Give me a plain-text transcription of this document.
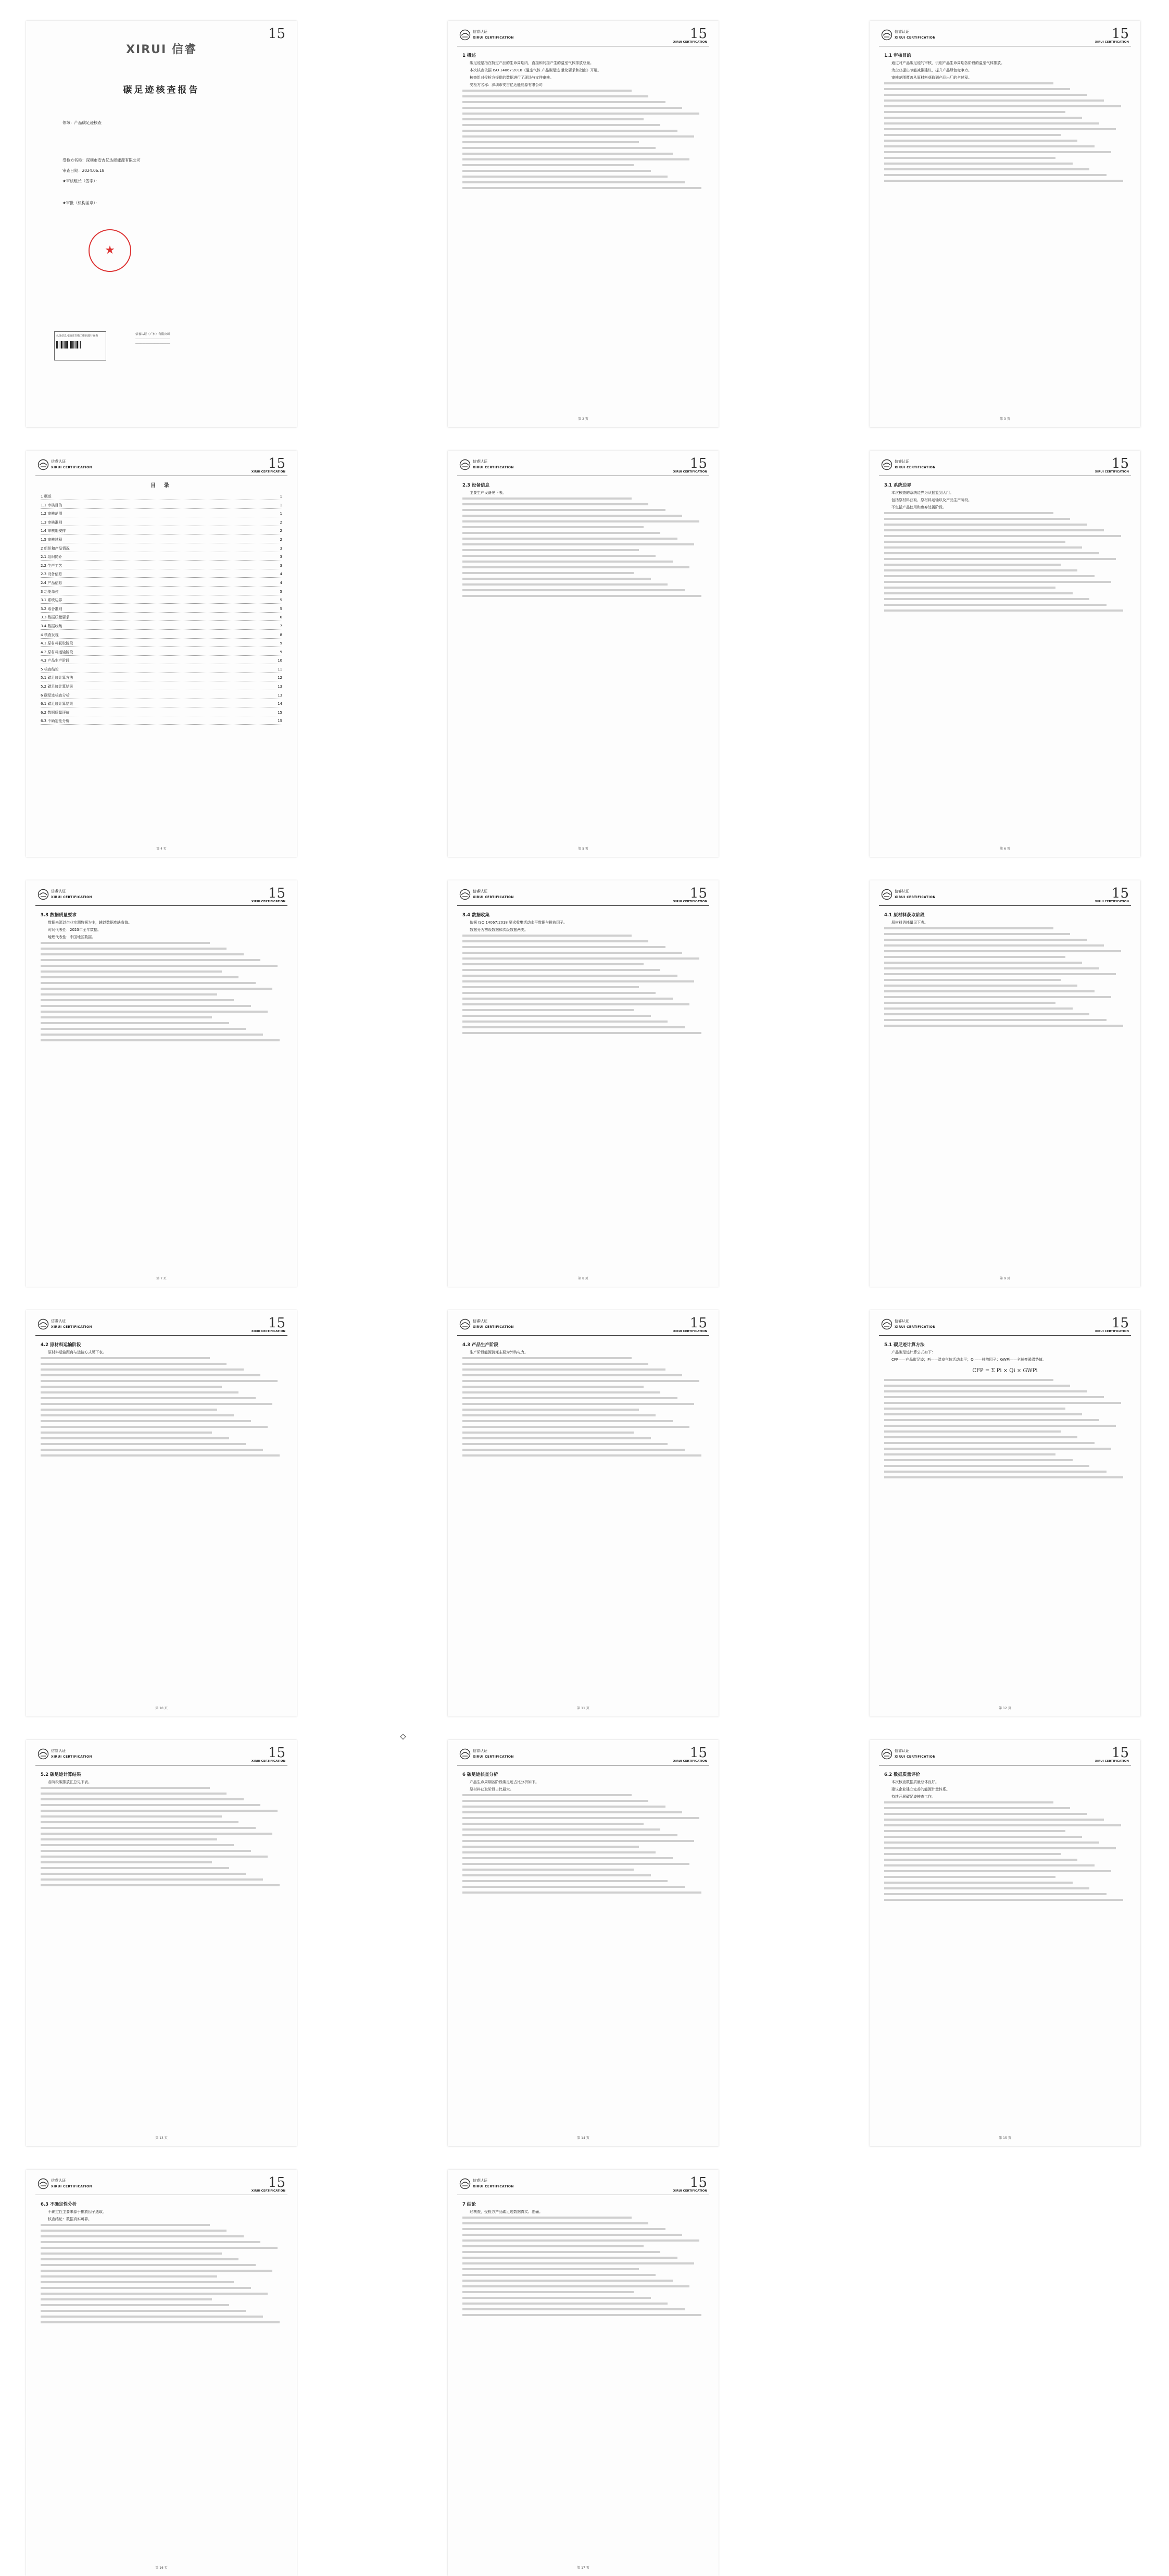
15
XIRUI 信睿
碳足迹核查报告
领域：产品碳足迹核查
受检方名称：深圳市安吉亿达能能源有限公司
审查日期：2024.06.18
★审核组长（签字）：
★审批（机构盖章）：
★
认证信息可通过扫描二维码进行查询	信睿认证（广东）有限公司
────────────────────
────────────────────
信睿认证
XIRUI CERTIFICATION	15
XIRUI CERTIFICATION
1 概述

碳足迹是指在特定产品的生命周期内，直接和间接产生的温室气体排放总量。

本次核查依据 ISO 14067:2018《温室气体 产品碳足迹 量化要求和指南》开展。

核查组对受检方提供的数据进行了现场与文件审核。

受检方名称：深圳市安吉亿达能能源有限公司

第 2 页
信睿认证
XIRUI CERTIFICATION	15
XIRUI CERTIFICATION
1.1 审核目的

通过对产品碳足迹的审核，识别产品生命周期各阶段的温室气体排放。

为企业提出节能减排建议，提升产品绿色竞争力。

审核范围覆盖从原材料获取到产品出厂的全过程。

第 3 页
信睿认证
XIRUI CERTIFICATION	15
XIRUI CERTIFICATION
目 录
1 概述	1
1.1 审核目的	1
1.2 审核范围	1
1.3 审核准则	2
1.4 审核组安排	2
1.5 审核过程	2
2 组织和产品情况	3
2.1 组织简介	3
2.2 生产工艺	3
2.3 设备信息	4
2.4 产品信息	4
3 功能单位	5
3.1 系统边界	5
3.2 取舍准则	5
3.3 数据质量要求	6
3.4 数据收集	7
4 核查发现	8
4.1 原材料获取阶段	9
4.2 原材料运输阶段	9
4.3 产品生产阶段	10
5 核查结论	11
5.1 碳足迹计算方法	12
5.2 碳足迹计算结果	13
6 碳足迹核查分析	13
6.1 碳足迹计算结果	14
6.2 数据质量评价	15
6.3 不确定性分析	15
第 4 页
信睿认证
XIRUI CERTIFICATION	15
XIRUI CERTIFICATION
2.3 设备信息

主要生产设备见下表。

第 5 页
信睿认证
XIRUI CERTIFICATION	15
XIRUI CERTIFICATION
3.1 系统边界

本次核查的系统边界为从摇篮到大门。

包括原材料获取、原材料运输以及产品生产阶段。

不包括产品使用和废弃处置阶段。

第 6 页
信睿认证
XIRUI CERTIFICATION	15
XIRUI CERTIFICATION
3.3 数据质量要求

数据来源以企业实测数据为主，辅以数据库缺省值。

时间代表性：2023年全年数据。

地理代表性：中国地区数据。

第 7 页
信睿认证
XIRUI CERTIFICATION	15
XIRUI CERTIFICATION
3.4 数据收集

依据 ISO 14067:2018 要求收集活动水平数据与排放因子。

数据分为初级数据和次级数据两类。

第 8 页
信睿认证
XIRUI CERTIFICATION	15
XIRUI CERTIFICATION
4.1 原材料获取阶段

原材料消耗量见下表。

第 9 页
信睿认证
XIRUI CERTIFICATION	15
XIRUI CERTIFICATION
4.2 原材料运输阶段

原材料运输距离与运输方式见下表。

第 10 页
信睿认证
XIRUI CERTIFICATION	15
XIRUI CERTIFICATION
4.3 产品生产阶段

生产阶段能源消耗主要为外购电力。

第 11 页
信睿认证
XIRUI CERTIFICATION	15
XIRUI CERTIFICATION
5.1 碳足迹计算方法

产品碳足迹计算公式如下：

CFP——产品碳足迹；Pi——温室气体活动水平；Qi——排放因子；GWPi——全球变暖潜势值。

CFP = Σ Pi × Qi × GWPi
第 12 页
信睿认证
XIRUI CERTIFICATION	15
XIRUI CERTIFICATION
5.2 碳足迹计算结果

各阶段碳排放汇总见下表。

第 13 页
信睿认证
XIRUI CERTIFICATION	15
XIRUI CERTIFICATION
6 碳足迹核查分析

产品生命周期各阶段碳足迹占比分析如下。

原材料获取阶段占比最大。

第 14 页
信睿认证
XIRUI CERTIFICATION	15
XIRUI CERTIFICATION
6.2 数据质量评价

本次核查数据质量总体良好。

建议企业建立完善的能源计量体系。

持续开展碳足迹核查工作。

第 15 页
信睿认证
XIRUI CERTIFICATION	15
XIRUI CERTIFICATION
6.3 不确定性分析

不确定性主要来源于排放因子选取。

核查结论：数据真实可靠。

第 16 页
信睿认证
XIRUI CERTIFICATION	15
XIRUI CERTIFICATION
7 结论

经核查，受检方产品碳足迹数据真实、准确。

第 17 页
